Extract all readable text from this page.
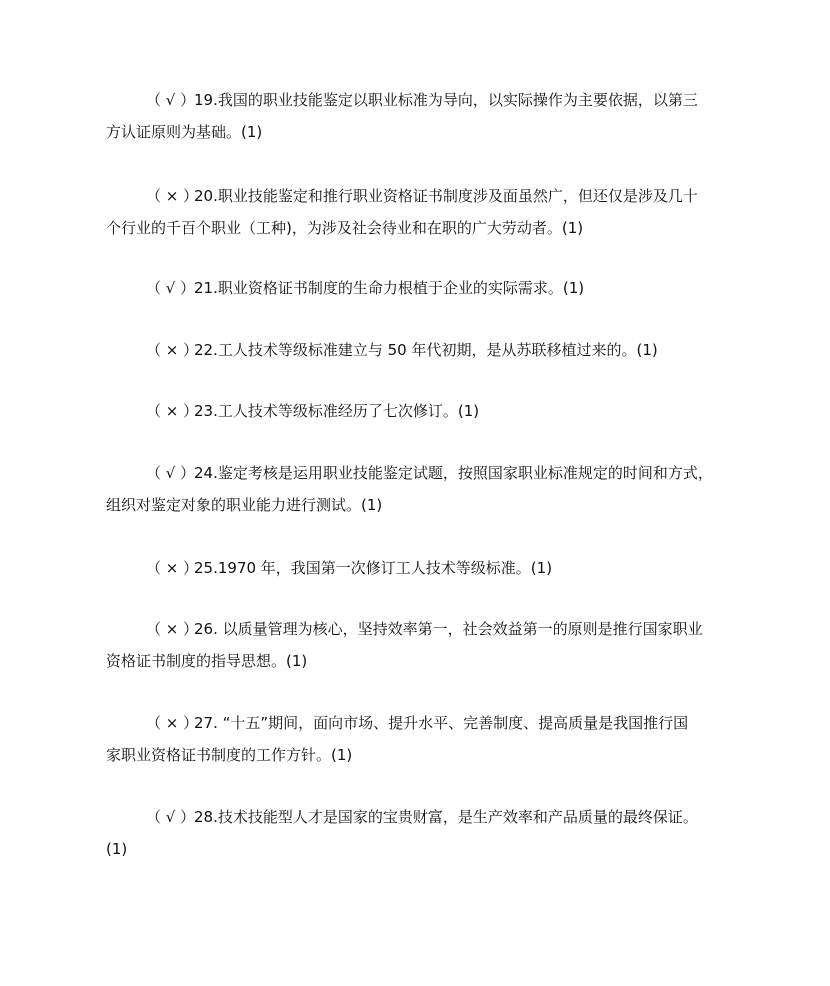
（ √ ）19.我国的职业技能鉴定以职业标准为导向，以实际操作为主要依据，以第三
方认证原则为基础。(1)
（ × ）20.职业技能鉴定和推行职业资格证书制度涉及面虽然广，但还仅是涉及几十
个行业的千百个职业（工种)，为涉及社会待业和在职的广大劳动者。(1)
（ √ ）21.职业资格证书制度的生命力根植于企业的实际需求。(1)
（ × ）22.工人技术等级标准建立与 50 年代初期，是从苏联移植过来的。(1)
（ × ）23.工人技术等级标准经历了七次修订。(1)
（ √ ）24.鉴定考核是运用职业技能鉴定试题，按照国家职业标准规定的时间和方式，
组织对鉴定对象的职业能力进行测试。(1)
（ × ）25.1970 年，我国第一次修订工人技术等级标准。(1)
（ × ）26. 以质量管理为核心，坚持效率第一，社会效益第一的原则是推行国家职业
资格证书制度的指导思想。(1)
（ × ）27. “十五”期间，面向市场、提升水平、完善制度、提高质量是我国推行国
家职业资格证书制度的工作方针。(1)
（ √ ）28.技术技能型人才是国家的宝贵财富，是生产效率和产品质量的最终保证。
(1)
